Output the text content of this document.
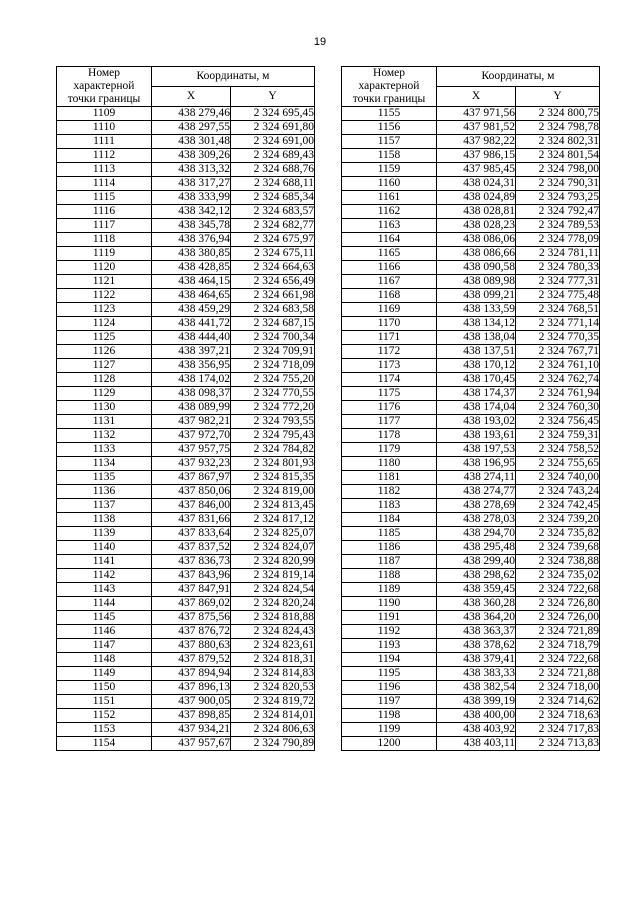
19
Номер
характерной
точки границы	Координаты, м	
	X	Y
1109	438 279,46	2 324 695,45
1110	438 297,55	2 324 691,80
1111	438 301,48	2 324 691,00
1112	438 309,26	2 324 689,43
1113	438 313,32	2 324 688,76
1114	438 317,27	2 324 688,11
1115	438 333,99	2 324 685,34
1116	438 342,12	2 324 683,57
1117	438 345,78	2 324 682,77
1118	438 376,94	2 324 675,97
1119	438 380,85	2 324 675,11
1120	438 428,85	2 324 664,63
1121	438 464,15	2 324 656,49
1122	438 464,65	2 324 661,98
1123	438 459,29	2 324 683,58
1124	438 441,72	2 324 687,15
1125	438 444,40	2 324 700,34
1126	438 397,21	2 324 709,91
1127	438 356,95	2 324 718,09
1128	438 174,02	2 324 755,20
1129	438 098,37	2 324 770,55
1130	438 089,99	2 324 772,20
1131	437 982,21	2 324 793,55
1132	437 972,70	2 324 795,43
1133	437 957,75	2 324 784,82
1134	437 932,23	2 324 801,93
1135	437 867,97	2 324 815,35
1136	437 850,06	2 324 819,00
1137	437 846,00	2 324 813,45
1138	437 831,66	2 324 817,12
1139	437 833,64	2 324 825,07
1140	437 837,52	2 324 824,07
1141	437 836,73	2 324 820,99
1142	437 843,96	2 324 819,14
1143	437 847,91	2 324 824,54
1144	437 869,02	2 324 820,24
1145	437 875,56	2 324 818,88
1146	437 876,72	2 324 824,43
1147	437 880,63	2 324 823,61
1148	437 879,52	2 324 818,31
1149	437 894,94	2 324 814,83
1150	437 896,13	2 324 820,53
1151	437 900,05	2 324 819,72
1152	437 898,85	2 324 814,01
1153	437 934,21	2 324 806,63
1154	437 957,67	2 324 790,89
Номер
характерной
точки границы	Координаты, м	
	X	Y
1155	437 971,56	2 324 800,75
1156	437 981,52	2 324 798,78
1157	437 982,22	2 324 802,31
1158	437 986,15	2 324 801,54
1159	437 985,45	2 324 798,00
1160	438 024,31	2 324 790,31
1161	438 024,89	2 324 793,25
1162	438 028,81	2 324 792,47
1163	438 028,23	2 324 789,53
1164	438 086,06	2 324 778,09
1165	438 086,66	2 324 781,11
1166	438 090,58	2 324 780,33
1167	438 089,98	2 324 777,31
1168	438 099,21	2 324 775,48
1169	438 133,59	2 324 768,51
1170	438 134,12	2 324 771,14
1171	438 138,04	2 324 770,35
1172	438 137,51	2 324 767,71
1173	438 170,12	2 324 761,10
1174	438 170,45	2 324 762,74
1175	438 174,37	2 324 761,94
1176	438 174,04	2 324 760,30
1177	438 193,02	2 324 756,45
1178	438 193,61	2 324 759,31
1179	438 197,53	2 324 758,52
1180	438 196,95	2 324 755,65
1181	438 274,11	2 324 740,00
1182	438 274,77	2 324 743,24
1183	438 278,69	2 324 742,45
1184	438 278,03	2 324 739,20
1185	438 294,70	2 324 735,82
1186	438 295,48	2 324 739,68
1187	438 299,40	2 324 738,88
1188	438 298,62	2 324 735,02
1189	438 359,45	2 324 722,68
1190	438 360,28	2 324 726,80
1191	438 364,20	2 324 726,00
1192	438 363,37	2 324 721,89
1193	438 378,62	2 324 718,79
1194	438 379,41	2 324 722,68
1195	438 383,33	2 324 721,88
1196	438 382,54	2 324 718,00
1197	438 399,19	2 324 714,62
1198	438 400,00	2 324 718,63
1199	438 403,92	2 324 717,83
1200	438 403,11	2 324 713,83
